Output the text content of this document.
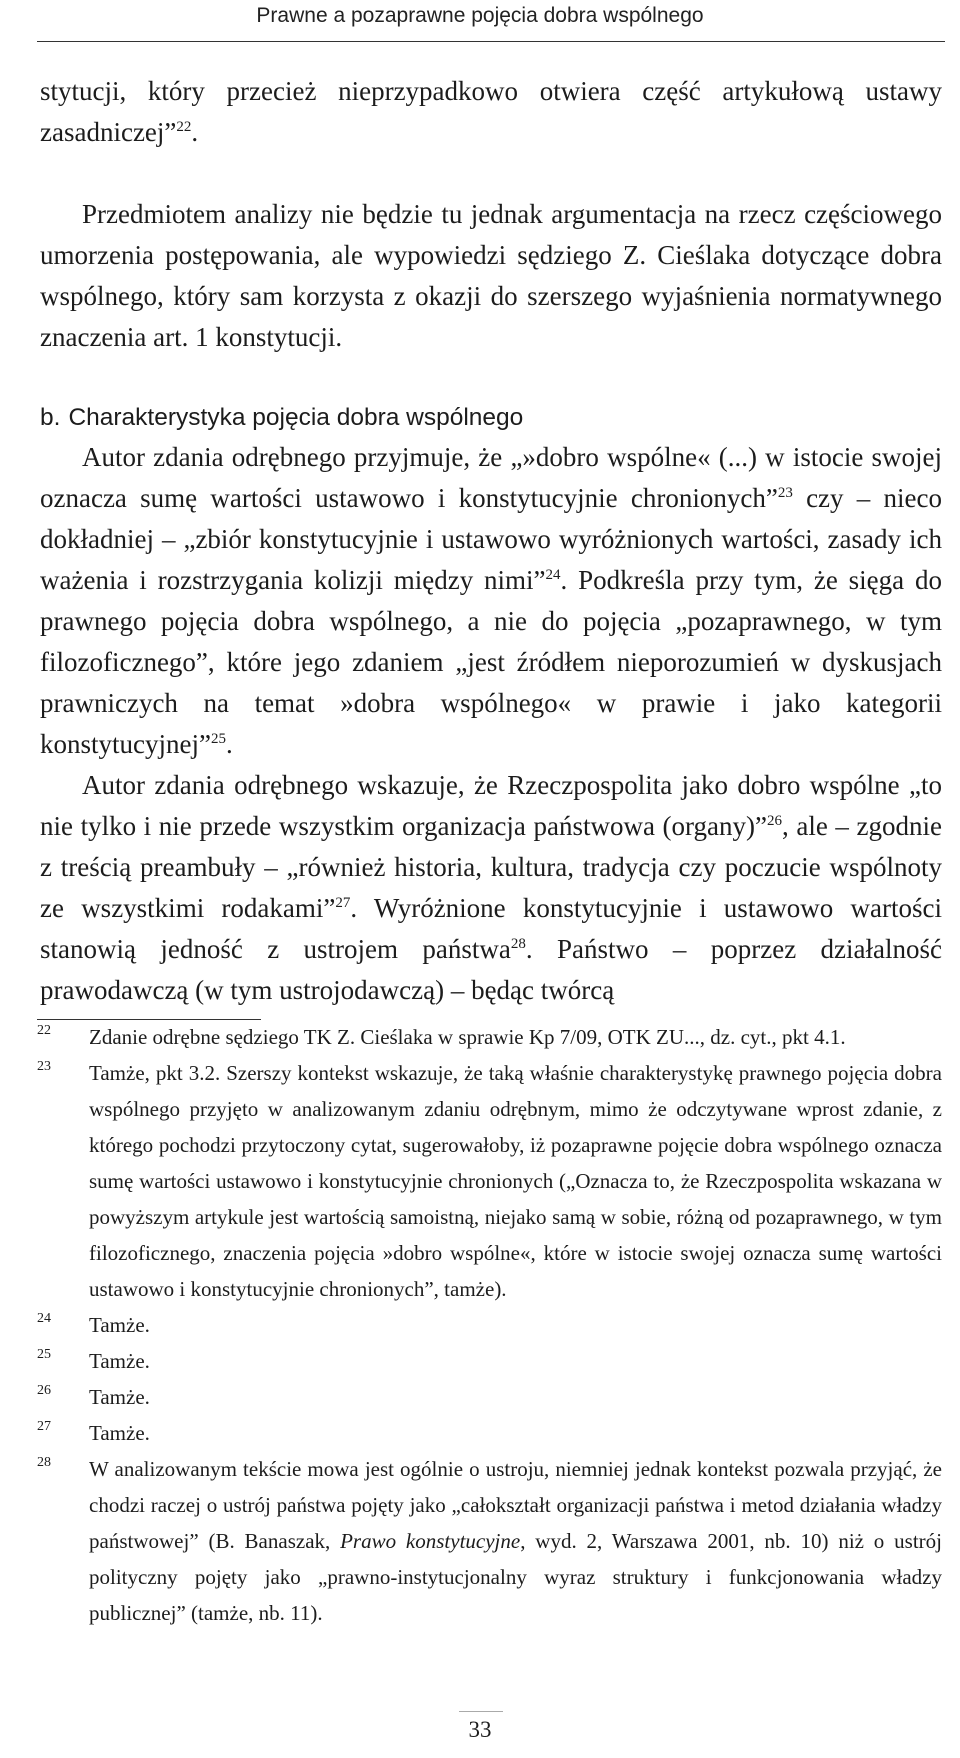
Prawne a pozaprawne pojęcia dobra wspólnego

stytucji, który przecież nieprzypadkowo otwiera część artykułową ustawy zasadniczej”$^{22}$.

Przedmiotem analizy nie będzie tu jednak argumentacja na rzecz częściowego umorzenia postępowania, ale wypowiedzi sędziego Z. Cieślaka dotyczące dobra wspólnego, który sam korzysta z okazji do szerszego wyjaśnienia normatywnego znaczenia art. 1 konstytucji.

b. Charakterystyka pojęcia dobra wspólnego

Autor zdania odrębnego przyjmuje, że „»dobro wspólne« (...) w istocie swojej oznacza sumę wartości ustawowo i konstytucyjnie chronionych”$^{23}$ czy – nieco dokładniej – „zbiór konstytucyjnie i ustawowo wyróżnionych wartości, zasady ich ważenia i rozstrzygania kolizji między nimi”$^{24}$. Podkreśla przy tym, że sięga do prawnego pojęcia dobra wspólnego, a nie do pojęcia „pozaprawnego, w tym filozoficznego”, które jego zdaniem „jest źródłem nieporozumień w dyskusjach prawniczych na temat »dobra wspólnego« w prawie i jako kategorii konstytucyjnej”$^{25}$.

Autor zdania odrębnego wskazuje, że Rzeczpospolita jako dobro wspólne „to nie tylko i nie przede wszystkim organizacja państwowa (organy)”$^{26}$, ale – zgodnie z treścią preambuły – „również historia, kultura, tradycja czy poczucie wspólnoty ze wszystkimi rodakami”$^{27}$. Wyróżnione konstytucyjnie i ustawowo wartości stanowią jedność z ustrojem państwa$^{28}$. Państwo – poprzez działalność prawodawczą (w tym ustrojodawczą) – będąc twórcą

22 Zdanie odrębne sędziego TK Z. Cieślaka w sprawie Kp 7/09, OTK ZU..., dz. cyt., pkt 4.1.
23 Tamże, pkt 3.2. Szerszy kontekst wskazuje, że taką właśnie charakterystykę prawnego pojęcia dobra wspólnego przyjęto w analizowanym zdaniu odrębnym, mimo że odczytywane wprost zdanie, z którego pochodzi przytoczony cytat, sugerowałoby, iż pozaprawne pojęcie dobra wspólnego oznacza sumę wartości ustawowo i konstytucyjnie chronionych („Oznacza to, że Rzeczpospolita wskazana w powyższym artykule jest wartością samoistną, niejako samą w sobie, różną od pozaprawnego, w tym filozoficznego, znaczenia pojęcia »dobro wspólne«, które w istocie swojej oznacza sumę wartości ustawowo i konstytucyjnie chronionych”, tamże).
24 Tamże.
25 Tamże.
26 Tamże.
27 Tamże.
28 W analizowanym tekście mowa jest ogólnie o ustroju, niemniej jednak kontekst pozwala przyjąć, że chodzi raczej o ustrój państwa pojęty jako „całokształt organizacji państwa i metod działania władzy państwowej” (B. Banaszak, Prawo konstytucyjne, wyd. 2, Warszawa 2001, nb. 10) niż o ustrój polityczny pojęty jako „prawno-instytucjonalny wyraz struktury i funkcjonowania władzy publicznej” (tamże, nb. 11).
33
